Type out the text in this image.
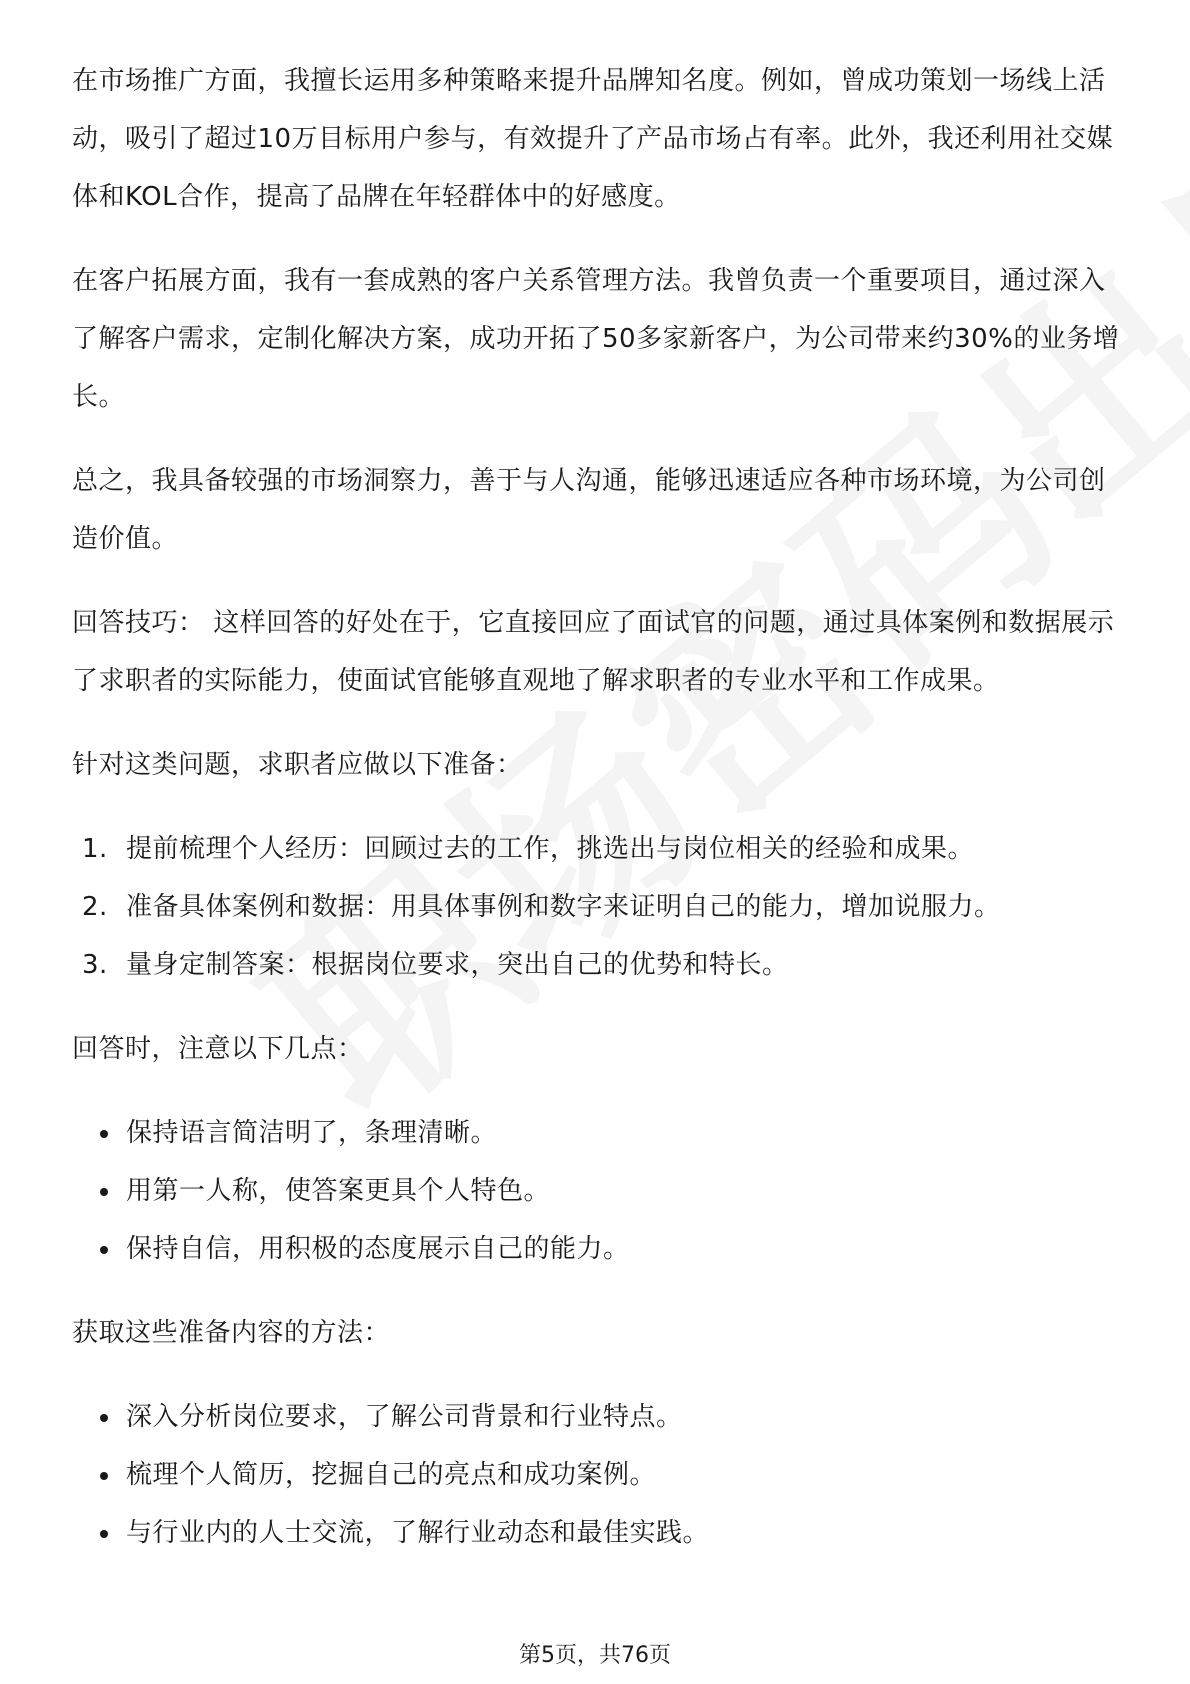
在市场推广方面，我擅长运用多种策略来提升品牌知名度。例如，曾成功策划一场线上活动，吸引了超过10万目标用户参与，有效提升了产品市场占有率。此外，我还利用社交媒体和KOL合作，提高了品牌在年轻群体中的好感度。

在客户拓展方面，我有一套成熟的客户关系管理方法。我曾负责一个重要项目，通过深入了解客户需求，定制化解决方案，成功开拓了50多家新客户，为公司带来约30%的业务增长。

总之，我具备较强的市场洞察力，善于与人沟通，能够迅速适应各种市场环境，为公司创造价值。

回答技巧： 这样回答的好处在于，它直接回应了面试官的问题，通过具体案例和数据展示了求职者的实际能力，使面试官能够直观地了解求职者的专业水平和工作成果。

针对这类问题，求职者应做以下准备：

1. 提前梳理个人经历：回顾过去的工作，挑选出与岗位相关的经验和成果。
2. 准备具体案例和数据：用具体事例和数字来证明自己的能力，增加说服力。
3. 量身定制答案：根据岗位要求，突出自己的优势和特长。

回答时，注意以下几点：

保持语言简洁明了，条理清晰。
用第一人称，使答案更具个人特色。
保持自信，用积极的态度展示自己的能力。

获取这些准备内容的方法：

深入分析岗位要求，了解公司背景和行业特点。
梳理个人简历，挖掘自己的亮点和成功案例。
与行业内的人士交流，了解行业动态和最佳实践。
第5页，共76页
